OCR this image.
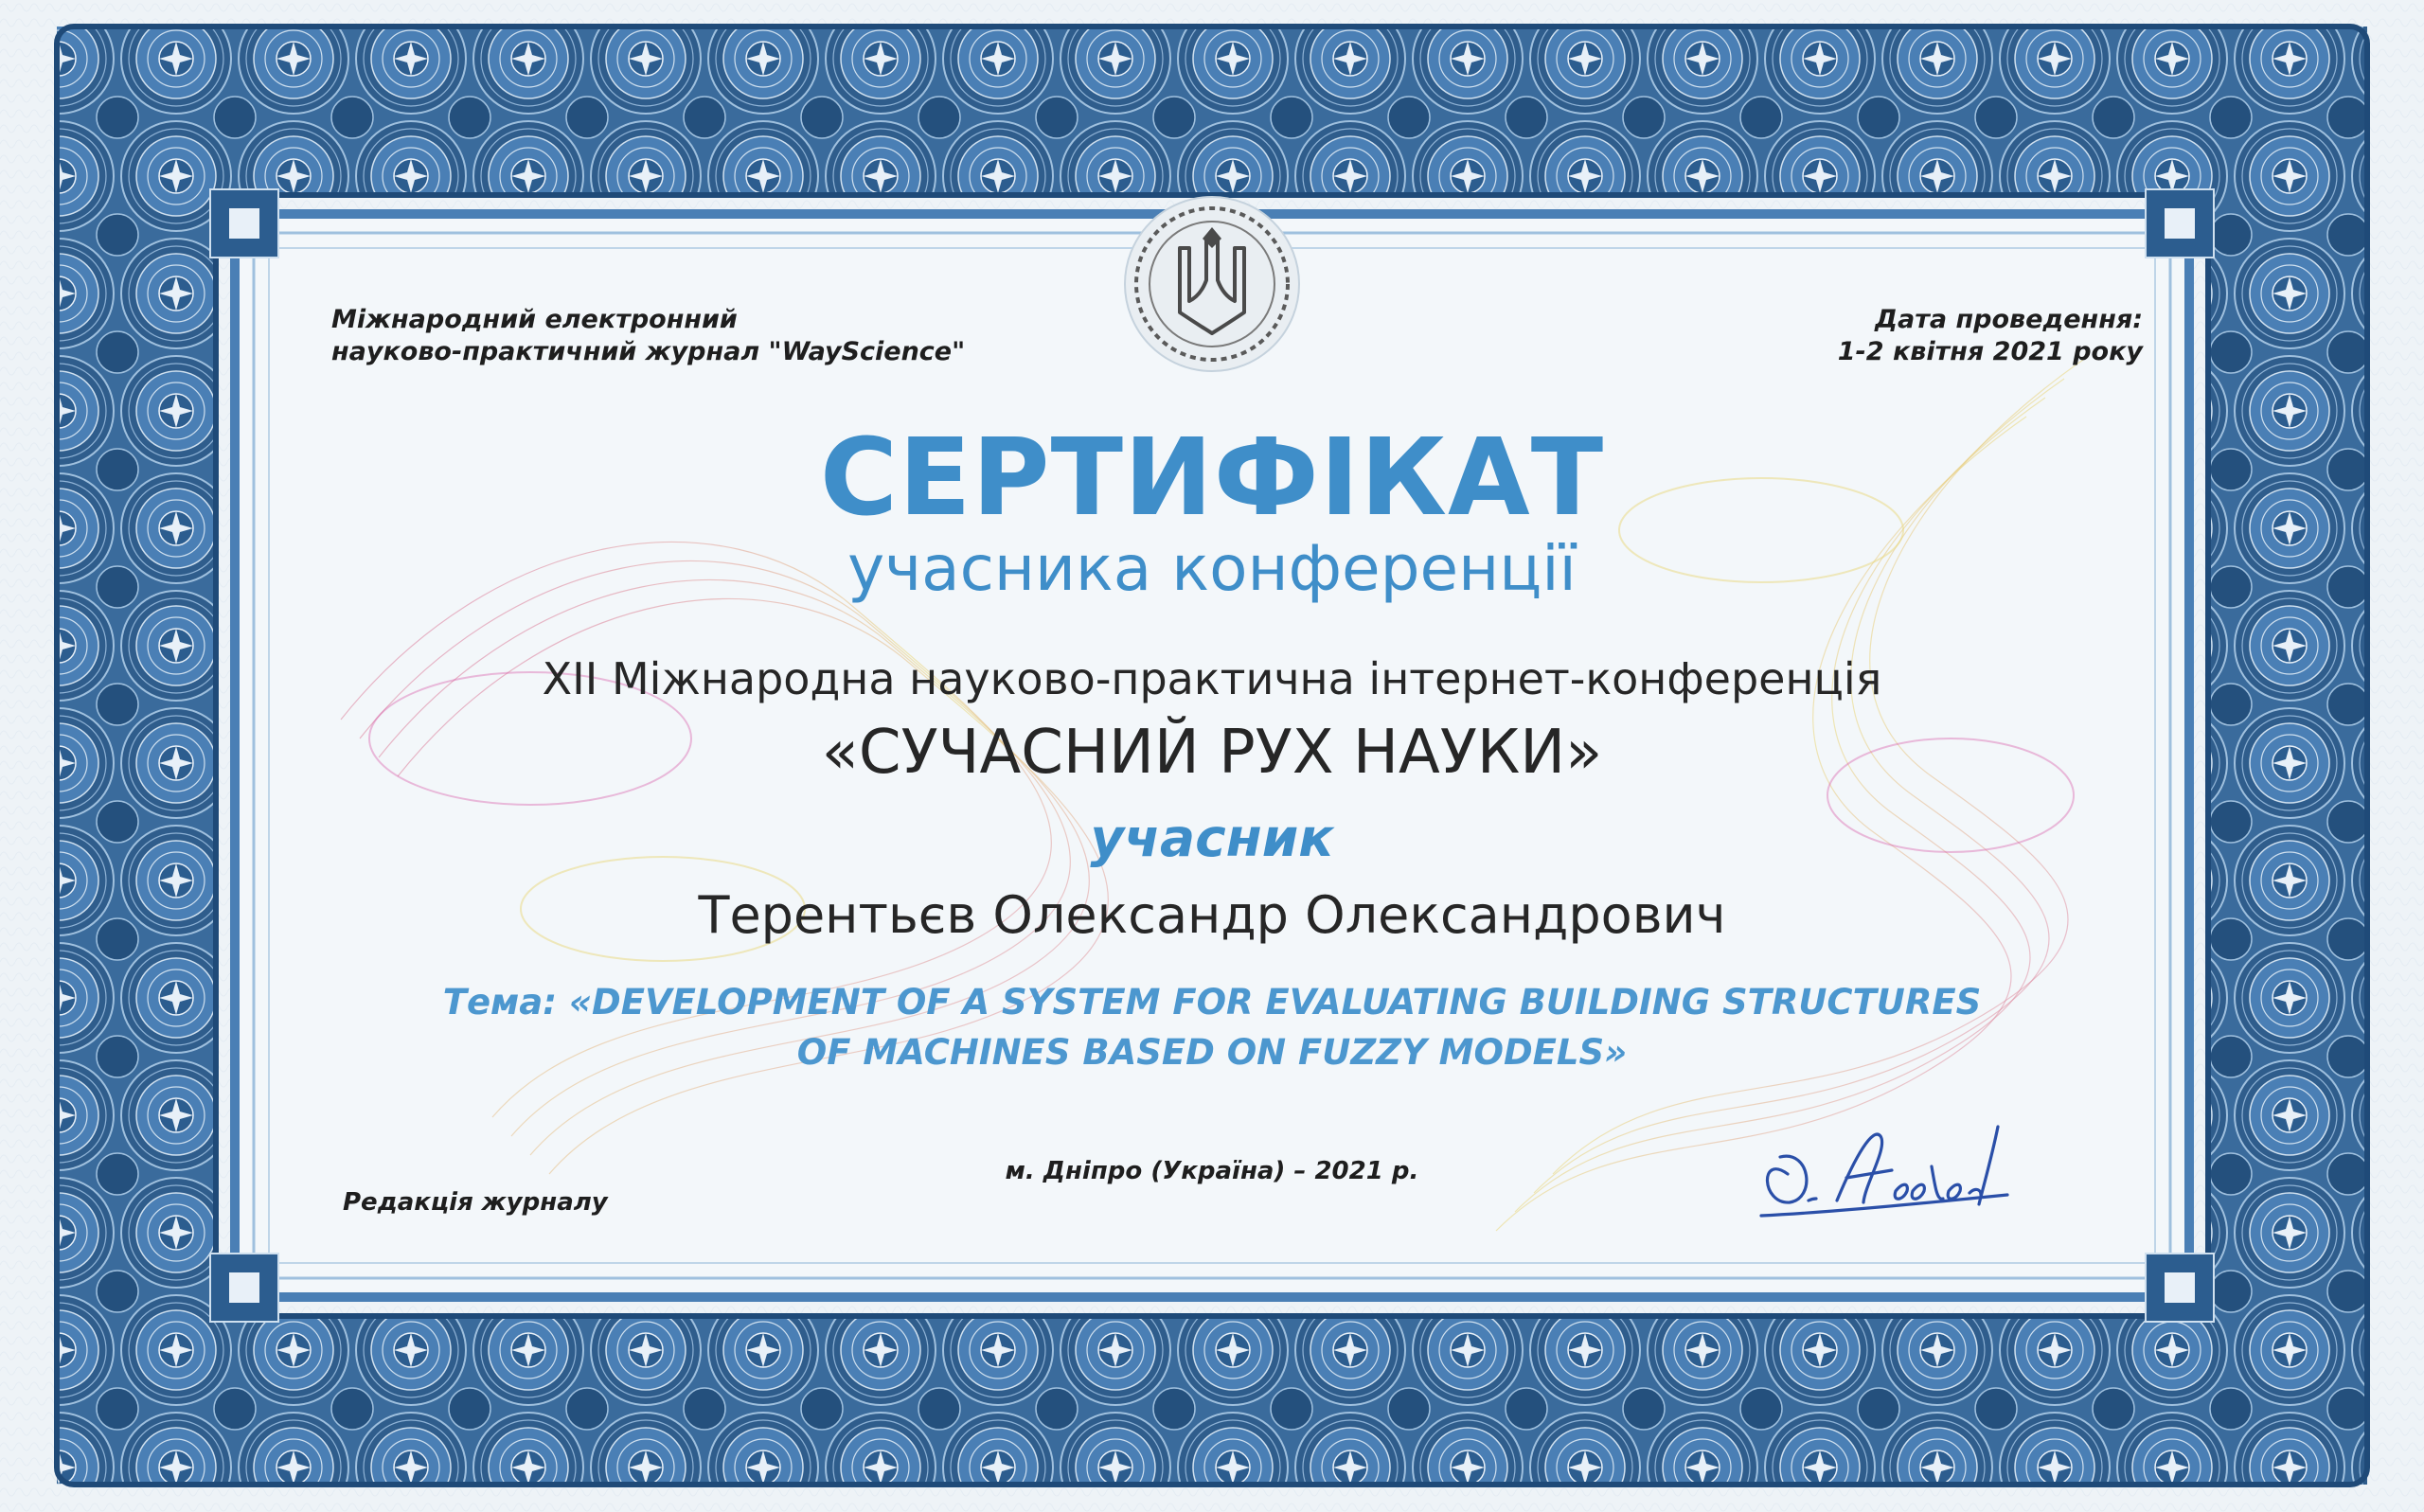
Міжнародний електронний
науково-практичний журнал "WayScience"
Дата проведення:
1-2 квітня 2021 року
СЕРТИФІКАТ
учасника конференції
XII Міжнародна науково-практична інтернет-конференція
«СУЧАСНИЙ РУХ НАУКИ»
учасник
Терентьєв Олександр Олександрович
Тема: «DEVELOPMENT OF A SYSTEM FOR EVALUATING BUILDING STRUCTURES
OF MACHINES BASED ON FUZZY MODELS»
м. Дніпро (Україна) – 2021 р.
Редакція журналу
